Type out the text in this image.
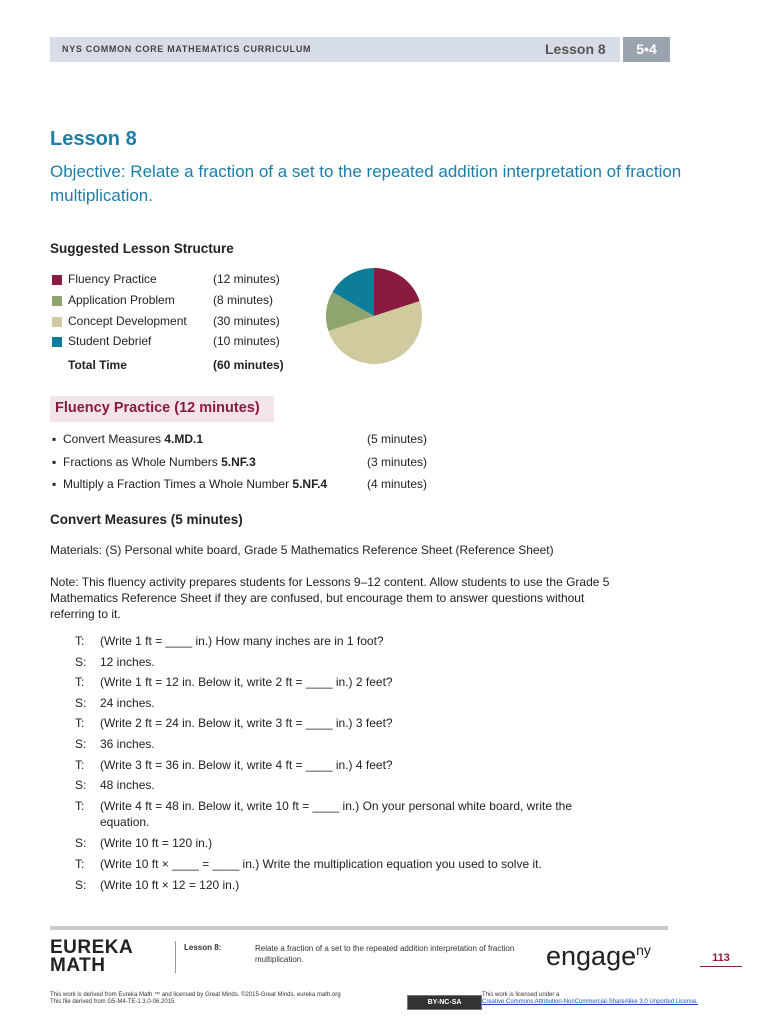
NYS COMMON CORE MATHEMATICS CURRICULUM	Lesson 8	5•4
Lesson 8
Objective: Relate a fraction of a set to the repeated addition interpretation of fraction multiplication.
Suggested Lesson Structure
Fluency Practice	(12 minutes)
Application Problem	(8 minutes)
Concept Development (30 minutes)
Student Debrief	(10 minutes)
Total Time	(60 minutes)
Fluency Practice (12 minutes)
▪ Convert Measures 4.MD.1	(5 minutes)
▪ Fractions as Whole Numbers 5.NF.3	(3 minutes)
▪ Multiply a Fraction Times a Whole Number 5.NF.4	(4 minutes)
Convert Measures (5 minutes)
Materials: (S) Personal white board, Grade 5 Mathematics Reference Sheet (Reference Sheet)
Note: This fluency activity prepares students for Lessons 9–12 content. Allow students to use the Grade 5
Mathematics Reference Sheet if they are confused, but encourage them to answer questions without
referring to it.
T: (Write 1 ft = ____ in.) How many inches are in 1 foot?
S: 12 inches.
T: (Write 1 ft = 12 in. Below it, write 2 ft = ____ in.) 2 feet?
S: 24 inches.
T: (Write 2 ft = 24 in. Below it, write 3 ft = ____ in.) 3 feet?
S: 36 inches.
T: (Write 3 ft = 36 in. Below it, write 4 ft = ____ in.) 4 feet?
S: 48 inches.
T: (Write 4 ft = 48 in. Below it, write 10 ft = ____ in.) On your personal white board, write the
equation.
S: (Write 10 ft = 120 in.)
T: (Write 10 ft × ____ = ____ in.) Write the multiplication equation you used to solve it.
S: (Write 10 ft × 12 = 120 in.)
EUREKA
MATH
Lesson 8:	Relate a fraction of a set to the repeated addition interpretation of fraction multiplication.	engage$^{ny}$	113
This work is derived from Eureka Math ™ and licensed by Great Minds. ©2015-Great Minds. eureka math.org
This file derived from G5-M4-TE-1.3.0-06.2015	BY-NC-SA
This work is licensed under a
Creative Commons Attribution-NonCommercial-ShareAlike 3.0 Unported License.
